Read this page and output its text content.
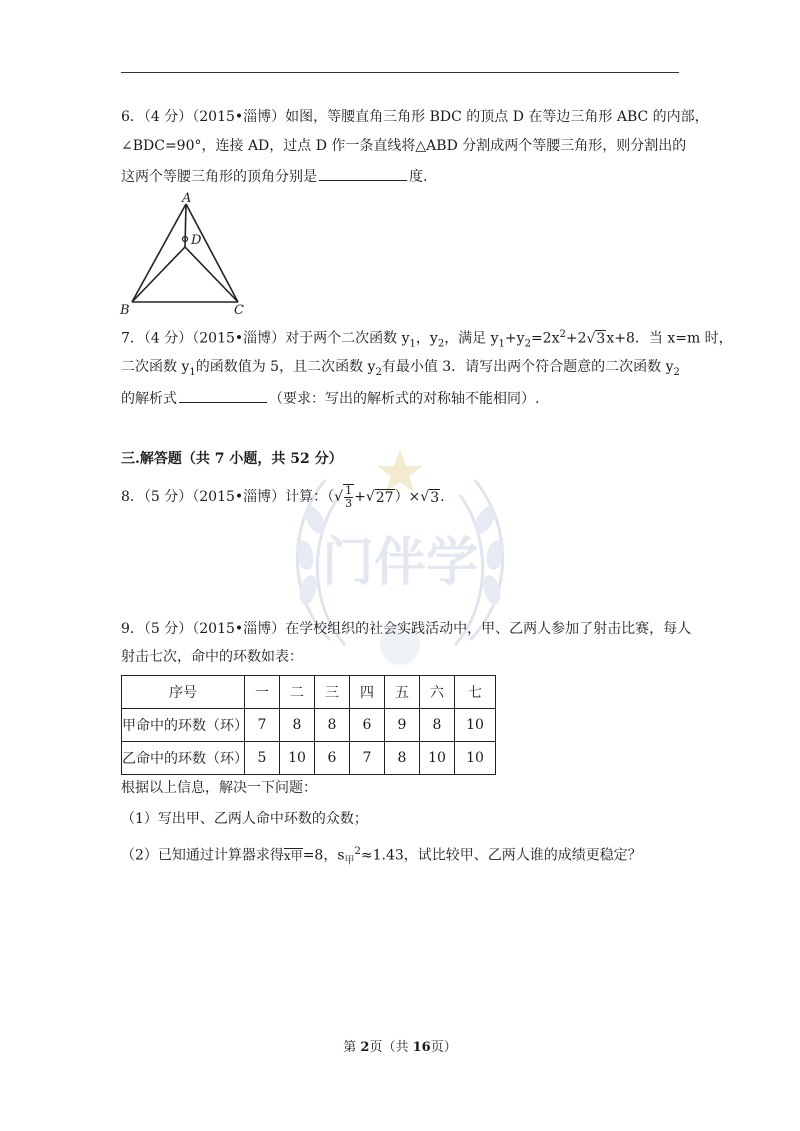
门伴学
6．（4 分）（2015•淄博）如图，等腰直角三角形 BDC 的顶点 D 在等边三角形 ABC 的内部，
∠BDC=90°，连接 AD，过点 D 作一条直线将△ABD 分割成两个等腰三角形，则分割出的
这两个等腰三角形的顶角分别是	度.
A
B	C
D
7．（4 分）（2015•淄博）对于两个二次函数 $y_1$，$y_2$，满足 $y_1+y_2=2x^2+2√$ 3 x+8．当 x=m 时，
二次函数 $y_1$的函数值为 5，且二次函数 $y_2$有最小值 3．请写出两个符合题意的二次函数 $y_2$
的解析式	（要求：写出的解析式的对称轴不能相同）.
三.解答题（共 7 小题，共 52 分）
8．（5 分）（2015•淄博）计算：（√ $\frac{1}{3}$ +√ 27 ）×√ 3 .
9．（5 分）（2015•淄博）在学校组织的社会实践活动中，甲、乙两人参加了射击比赛，每人
射击七次，命中的环数如表：
序号	一	二	三	四	五	六	七
甲命中的环数（环）	7	8	8	6	9	8	10
乙命中的环数（环）	5	10	6	7	8	10	10
根据以上信息，解决一下问题：
（1）写出甲、乙两人命中环数的众数；
（2）已知通过计算器求得x甲=8，$s_甲^2\approx 1.43$，试比较甲、乙两人谁的成绩更稳定？
第 2页（共 16页）
